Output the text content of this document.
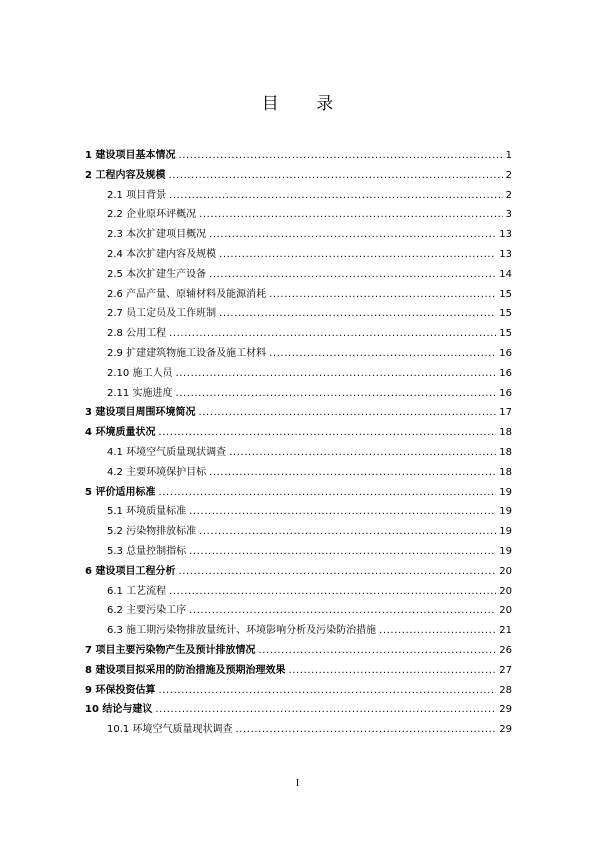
目 录
1 建设项目基本情况 .....	1
2 工程内容及规模 .....	2
2.1 项目背景 .....	2
2.2 企业原环评概况 .....	3
2.3 本次扩建项目概况 .....	13
2.4 本次扩建内容及规模 .....	13
2.5 本次扩建生产设备 .....	14
2.6 产品产量、原辅材料及能源消耗 .....	15
2.7 员工定员及工作班制 .....	15
2.8 公用工程 .....	15
2.9 扩建建筑物施工设备及施工材料 .....	16
2.10 施工人员 .....	16
2.11 实施进度 .....	16
3 建设项目周围环境简况 .....	17
4 环境质量状况 .....	18
4.1 环境空气质量现状调查 .....	18
4.2 主要环境保护目标 .....	18
5 评价适用标准 .....	19
5.1 环境质量标准 .....	19
5.2 污染物排放标准 .....	19
5.3 总量控制指标 .....	19
6 建设项目工程分析 .....	20
6.1 工艺流程 .....	20
6.2 主要污染工序 .....	20
6.3 施工期污染物排放量统计、环境影响分析及污染防治措施 .....	21
7 项目主要污染物产生及预计排放情况 .....	26
8 建设项目拟采用的防治措施及预期治理效果 .....	27
9 环保投资估算 .....	28
10 结论与建议 .....	29
10.1 环境空气质量现状调查 .....	29
I
